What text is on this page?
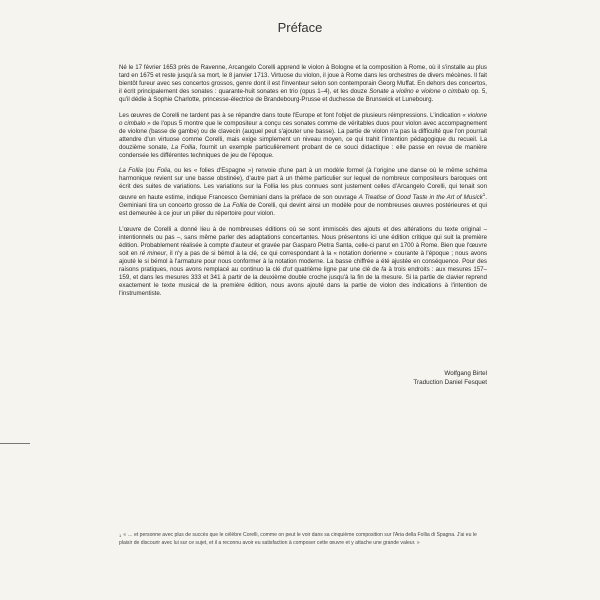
Préface

Né le 17 février 1653 près de Ravenne, Arcangelo Corelli apprend le violon à Bologne et la composition à Rome, où il s'installe au plus tard en 1675 et reste jusqu'à sa mort, le 8 janvier 1713. Virtuose du violon, il joue à Rome dans les orchestres de divers mécènes. Il fait bientôt fureur avec ses concertos grossos, genre dont il est l'inventeur selon son contemporain Georg Muffat. En dehors des concertos, il écrit principalement des sonates : quarante-huit sonates en trio (opus 1–4), et les douze Sonate a violino e violone o cimbalo op. 5, qu'il dédie à Sophie Charlotte, princesse-électrice de Brandebourg-Prusse et duchesse de Brunswick et Lunebourg.

Les œuvres de Corelli ne tardent pas à se répandre dans toute l'Europe et font l'objet de plusieurs réimpressions. L'indication « violone o cimbalo » de l'opus 5 montre que le compositeur a conçu ces sonates comme de véritables duos pour violon avec accompagnement de violone (basse de gambe) ou de clavecin (auquel peut s'ajouter une basse). La partie de violon n'a pas la difficulté que l'on pourrait attendre d'un virtuose comme Corelli, mais exige simplement un niveau moyen, ce qui trahit l'intention pédagogique du recueil. La douzième sonate, La Follia, fournit un exemple particulièrement probant de ce souci didactique : elle passe en revue de manière condensée les différentes techniques de jeu de l'époque.

La Follia (ou Folia, ou les « folies d'Espagne ») renvoie d'une part à un modèle formel (à l'origine une danse où le même schéma harmonique revient sur une basse obstinée), d'autre part à un thème particulier sur lequel de nombreux compositeurs baroques ont écrit des suites de variations. Les variations sur la Follia les plus connues sont justement celles d'Arcangelo Corelli, qui tenait son œuvre en haute estime, indique Francesco Geminiani dans la préface de son ouvrage A Treatise of Good Taste in the Art of Musick$^1$. Geminiani tira un concerto grosso de La Follia de Corelli, qui devint ainsi un modèle pour de nombreuses œuvres postérieures et qui est demeurée à ce jour un pilier du répertoire pour violon.

L'œuvre de Corelli a donné lieu à de nombreuses éditions où se sont immiscés des ajouts et des altérations du texte original – intentionnels ou pas –, sans même parler des adaptations concertantes. Nous présentons ici une édition critique qui suit la première édition. Probablement réalisée à compte d'auteur et gravée par Gasparo Pietra Santa, celle-ci parut en 1700 à Rome. Bien que l'œuvre soit en ré mineur, il n'y a pas de si bémol à la clé, ce qui correspondant à la « notation dorienne » courante à l'époque ; nous avons ajouté le si bémol à l'armature pour nous conformer à la notation moderne. La basse chiffrée a été ajustée en conséquence. Pour des raisons pratiques, nous avons remplacé au continuo la clé d'ut quatrième ligne par une clé de fa à trois endroits : aux mesures 157–159, et dans les mesures 333 et 341 à partir de la deuxième double croche jusqu'à la fin de la mesure. Si la partie de clavier reprend exactement le texte musical de la première édition, nous avons ajouté dans la partie de violon des indications à l'intention de l'instrumentiste.

Wolfgang Birtel
Traduction Daniel Fesquet
$^1$ « … et personne avec plus de succès que le célèbre Corelli, comme on peut le voir dans sa cinquième composition sur l'Aria della Follia di Spagna. J'ai eu le plaisir de discourir avec lui sur ce sujet, et il a reconnu avoir eu satisfaction à composer cette œuvre et y attache une grande valeur. »
